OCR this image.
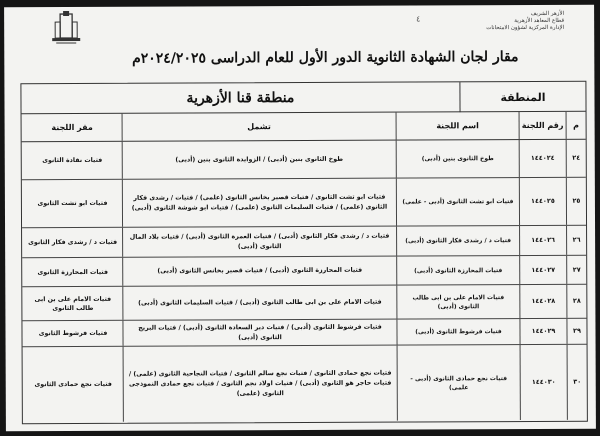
٤
الأزهر الشريف
قطاع المعاهد الأزهرية
الإدارة المركزية لشؤون الامتحانات
مقار لجان الشهادة الثانوية الدور الأول للعام الدراسى ٢٠٢٤/٢٠٢٥م
المنطقة
منطقة قنا الأزهرية
م
رقم اللجنة
اسم اللجنة
تشمل
مقر اللجنة
٢٤
١٤٤٠٢٤
طوخ الثانوى بنين (أدبى)
طوخ الثانوى بنين (أدبى) / الزوايدة الثانوى بنين (أدبى)
فتيات نقادة الثانوى
٢٥
١٤٤٠٢٥
فتيات ابو تشت الثانوى (أدبى - علمى)
فتيات ابو تشت الثانوى / فتيات قصير بخانس الثانوى (علمى) / فتيات / رشدى فكار الثانوى (علمى) / فتيات السليمات الثانوى (علمى) / فتيات ابو شوشة الثانوى (أدبى)
فتيات ابو تشت الثانوى
٢٦
١٤٤٠٢٦
فتيات د / رشدى فكار الثانوى (أدبى)
فتيات د / رشدى فكار الثانوى (أدبى) / فتيات العمرة الثانوى (أدبى) / فتيات بلاد المال الثانوى (أدبى)
فتيات د / رشدى فكار الثانوى
٢٧
١٤٤٠٢٧
فتيات المحارزة الثانوى (أدبى)
فتيات المحارزة الثانوى (أدبى) / فتيات قصير بخانس الثانوى (أدبى)
فتيات المحارزة الثانوى
٢٨
١٤٤٠٢٨
فتيات الامام على بن ابى طالب الثانوى (أدبى)
فتيات الامام على بن ابى طالب الثانوى (أدبى) / فتيات السليمات الثانوى (أدبى)
فتيات الامام على بن ابى طالب الثانوى
٢٩
١٤٤٠٢٩
فتيات فرشوط الثانوى (أدبى)
فتيات فرشوط الثانوى (أدبى) / فتيات دير السعادة الثانوى (أدبى) / فتيات البريج الثانوى (أدبى)
فتيات فرشوط الثانوى
٣٠
١٤٤٠٣٠
فتيات نجع حمادى الثانوى (أدبى - علمى)
فتيات نجع حمادى الثانوى / فتيات نجع سالم الثانوى / فتيات النجاحية الثانوى (علمى) / فتيات حاجر هو الثانوى (أدبى) / فتيات اولاد نجم الثانوى / فتيات نجع حمادى النموذجى الثانوى (علمى)
فتيات نجع حمادى الثانوى
